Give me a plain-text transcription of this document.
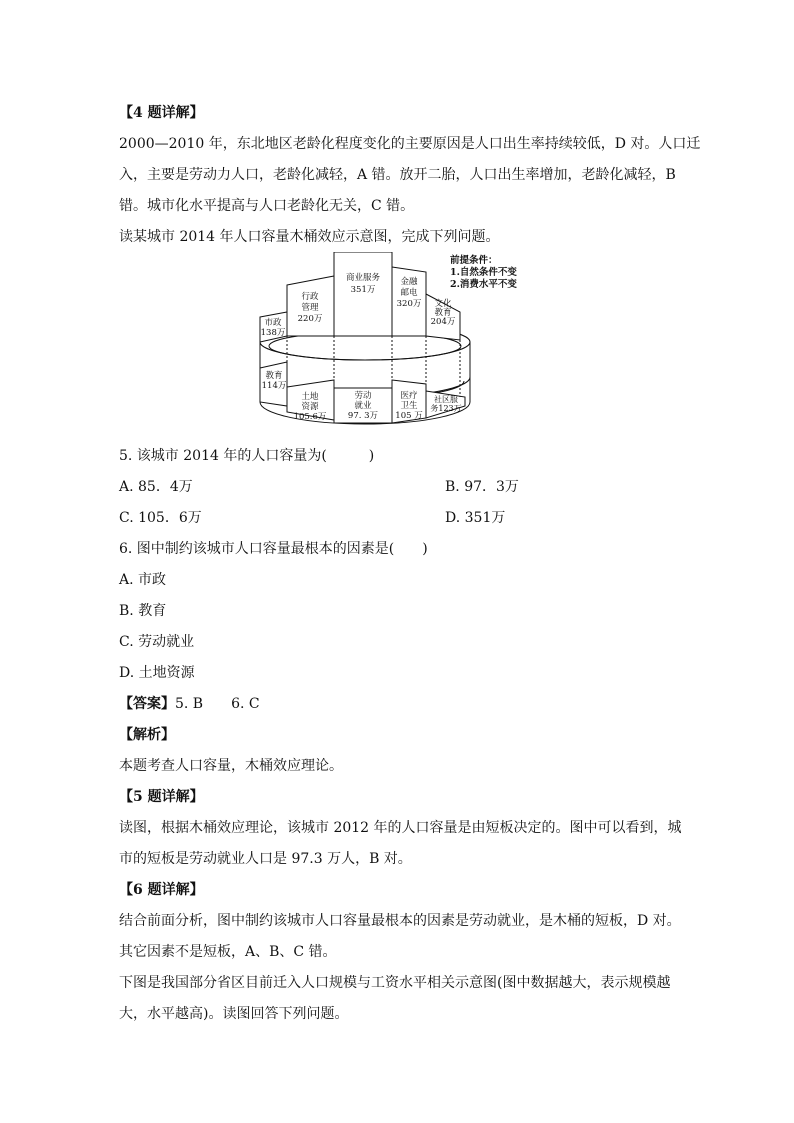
【4 题详解】
2000—2010 年，东北地区老龄化程度变化的主要原因是人口出生率持续较低，D 对。人口迁
入，主要是劳动力人口，老龄化减轻，A 错。放开二胎，人口出生率增加，老龄化减轻，B
错。城市化水平提高与人口老龄化无关，C 错。
读某城市 2014 年人口容量木桶效应示意图，完成下列问题。
商业服务
351万
金融
邮电
320万
行政
管理
220万
文化
教育
204万
市政
138万
教育
114万
土地
资源
105.6万
劳动
就业
97. 3万
医疗
卫生
105 万
社区服
务123万
前提条件：
1.自然条件不变
2.消费水平不变
5. 该城市 2014 年的人口容量为(　　　)
A. 85．4万	B. 97．3万
C. 105．6万	D. 351万
6. 图中制约该城市人口容量最根本的因素是(　　)
A. 市政
B. 教育
C. 劳动就业
D. 土地资源
【答案】5. B　　6. C
【解析】
本题考查人口容量，木桶效应理论。
【5 题详解】
读图，根据木桶效应理论，该城市 2012 年的人口容量是由短板决定的。图中可以看到，城
市的短板是劳动就业人口是 97.3 万人，B 对。
【6 题详解】
结合前面分析，图中制约该城市人口容量最根本的因素是劳动就业，是木桶的短板，D 对。
其它因素不是短板，A、B、C 错。
下图是我国部分省区目前迁入人口规模与工资水平相关示意图(图中数据越大，表示规模越
大，水平越高)。读图回答下列问题。
